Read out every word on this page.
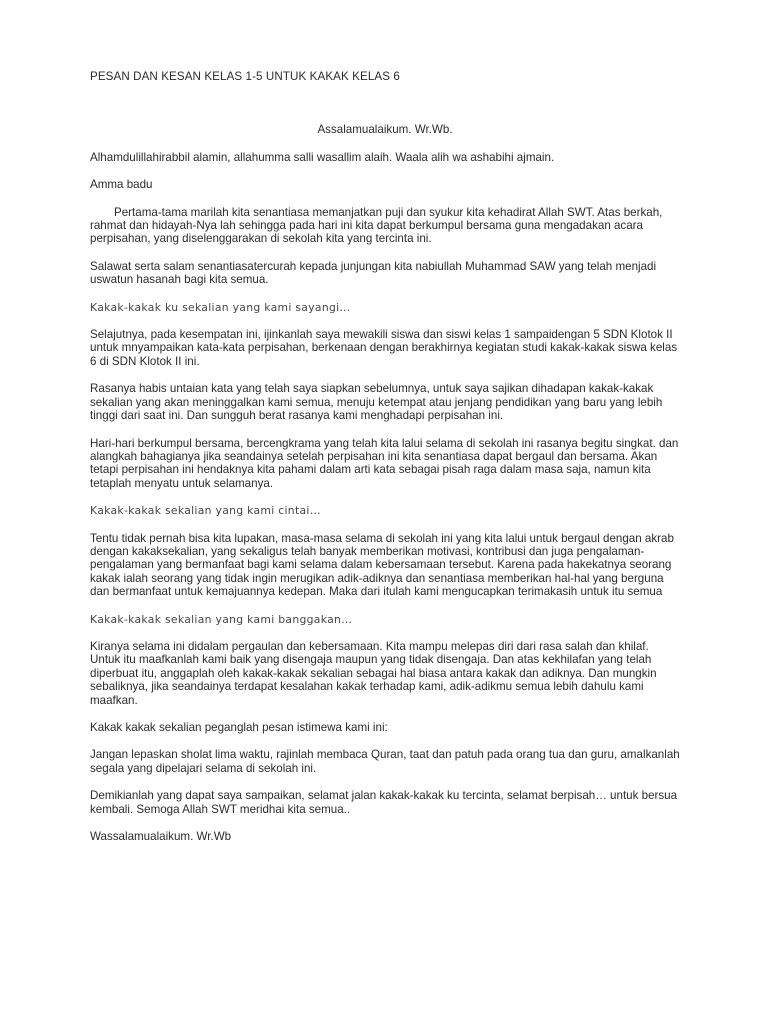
PESAN DAN KESAN KELAS 1-5 UNTUK KAKAK KELAS 6
Assalamualaikum. Wr.Wb.

Alhamdulillahirabbil alamin, allahumma salli wasallim alaih. Waala alih wa ashabihi ajmain.

Amma badu

Pertama-tama marilah kita senantiasa memanjatkan puji dan syukur kita kehadirat Allah SWT. Atas berkah, rahmat dan hidayah-Nya lah sehingga pada hari ini kita dapat berkumpul bersama guna mengadakan acara perpisahan, yang diselenggarakan di sekolah kita yang tercinta ini.

Salawat serta salam senantiasatercurah kepada junjungan kita nabiullah Muhammad SAW yang telah menjadi uswatun hasanah bagi kita semua.

Kakak-kakak ku sekalian yang kami sayangi…

Selajutnya, pada kesempatan ini, ijinkanlah saya mewakili siswa dan siswi kelas 1 sampaidengan 5 SDN Klotok II untuk mnyampaikan kata-kata perpisahan, berkenaan dengan berakhirnya kegiatan studi kakak-kakak siswa kelas 6 di SDN Klotok II ini.

Rasanya habis untaian kata yang telah saya siapkan sebelumnya, untuk saya sajikan dihadapan kakak-kakak sekalian yang akan meninggalkan kami semua, menuju ketempat atau jenjang pendidikan yang baru yang lebih tinggi dari saat ini. Dan sungguh berat rasanya kami menghadapi perpisahan ini.

Hari-hari berkumpul bersama, bercengkrama yang telah kita lalui selama di sekolah ini rasanya begitu singkat. dan alangkah bahagianya jika seandainya setelah perpisahan ini kita senantiasa dapat bergaul dan bersama. Akan tetapi perpisahan ini hendaknya kita pahami dalam arti kata sebagai pisah raga dalam masa saja, namun kita tetaplah menyatu untuk selamanya.

Kakak-kakak sekalian yang kami cintai…

Tentu tidak pernah bisa kita lupakan, masa-masa selama di sekolah ini yang kita lalui untuk bergaul dengan akrab dengan kakaksekalian, yang sekaligus telah banyak memberikan motivasi, kontribusi dan juga pengalaman-pengalaman yang bermanfaat bagi kami selama dalam kebersamaan tersebut. Karena pada hakekatnya seorang kakak ialah seorang yang tidak ingin merugikan adik-adiknya dan senantiasa memberikan hal-hal yang berguna dan bermanfaat untuk kemajuannya kedepan. Maka dari itulah kami mengucapkan terimakasih untuk itu semua

Kakak-kakak sekalian yang kami banggakan…

Kiranya selama ini didalam pergaulan dan kebersamaan. Kita mampu melepas diri dari rasa salah dan khilaf. Untuk itu maafkanlah kami baik yang disengaja maupun yang tidak disengaja. Dan atas kekhilafan yang telah diperbuat itu, anggaplah oleh kakak-kakak sekalian sebagai hal biasa antara kakak dan adiknya. Dan mungkin sebaliknya, jika seandainya terdapat kesalahan kakak terhadap kami, adik-adikmu semua lebih dahulu kami maafkan.

Kakak kakak sekalian peganglah pesan istimewa kami ini:

Jangan lepaskan sholat lima waktu, rajinlah membaca Quran, taat dan patuh pada orang tua dan guru, amalkanlah segala yang dipelajari selama di sekolah ini.

Demikianlah yang dapat saya sampaikan, selamat jalan kakak-kakak ku tercinta, selamat berpisah… untuk bersua kembali. Semoga Allah SWT meridhai kita semua..

Wassalamualaikum. Wr.Wb
